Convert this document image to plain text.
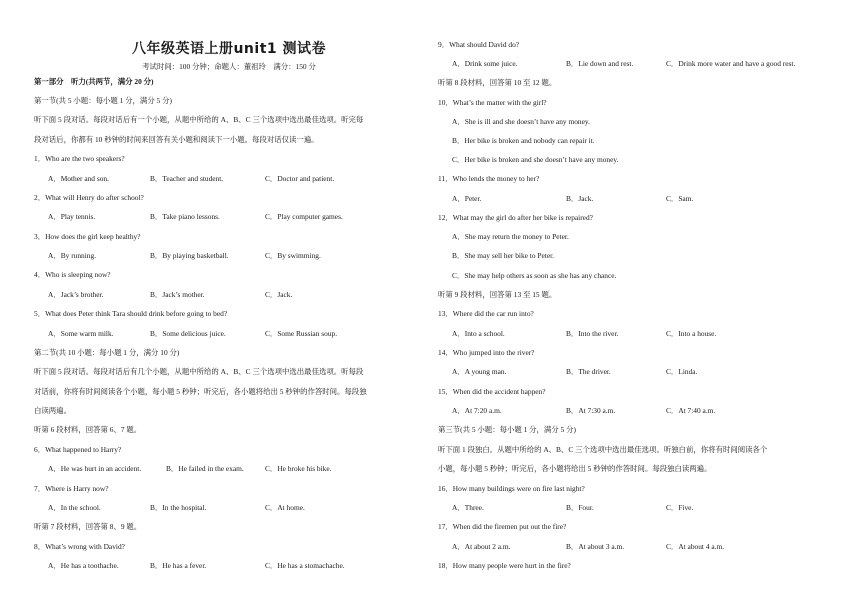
八年级英语上册unit1 测试卷
考试时间：100 分钟；命题人：董祖玲　满分：150 分
第一部分　听力(共两节，满分 20 分)
第一节(共 5 小题：每小题 1 分，满分 5 分)
听下面 5 段对话。每段对话后有一个小题，从题中所给的 A、B、C 三个选项中选出最佳选项。听完每
段对话后，你都有 10 秒钟的时间来回答有关小题和阅读下一小题。每段对话仅读一遍。
1．Who are the two speakers?
A．Mother and son.	B．Teacher and student.	C．Doctor and patient.
2．What will Henry do after school?
A．Play tennis.	B．Take piano lessons.	C．Play computer games.
3．How does the girl keep healthy?
A．By running.	B．By playing basketball.	C．By swimming.
4．Who is sleeping now?
A．Jack’s brother.	B．Jack’s mother.	C．Jack.
5．What does Peter think Tara should drink before going to bed?
A．Some warm milk.	B．Some delicious juice.	C．Some Russian soup.
第二节(共 10 小题：每小题 1 分，满分 10 分)
听下面 5 段对话。每段对话后有几个小题，从题中所给的 A、B、C 三个选项中选出最佳选项。听每段
对话前，你将有时间阅读各个小题，每小题 5 秒钟；听完后，各小题将给出 5 秒钟的作答时间。每段独
白读两遍。
听第 6 段材料，回答第 6、7 题。
6．What happened to Harry?
A．He was hurt in an accident.	B．He failed in the exam.	C．He broke his bike.
7．Where is Harry now?
A．In the school.	B．In the hospital.	C．At home.
听第 7 段材料，回答第 8、9 题。
8．What’s wrong with David?
A．He has a toothache.	B．He has a fever.	C．He has a stomachache.
9．What should David do?
A．Drink some juice.	B．Lie down and rest.	C．Drink more water and have a good rest.
听第 8 段材料，回答第 10 至 12 题。
10．What’s the matter with the girl?
A．She is ill and she doesn’t have any money.
B．Her bike is broken and nobody can repair it.
C．Her bike is broken and she doesn’t have any money.
11．Who lends the money to her?
A．Peter.	B．Jack.	C．Sam.
12．What may the girl do after her bike is repaired?
A．She may return the money to Peter.
B．She may sell her bike to Peter.
C．She may help others as soon as she has any chance.
听第 9 段材料，回答第 13 至 15 题。
13．Where did the car run into?
A．Into a school.	B．Into the river.	C．Into a house.
14．Who jumped into the river?
A．A young man.	B．The driver.	C．Linda.
15．When did the accident happen?
A．At 7:20 a.m.	B．At 7:30 a.m.	C．At 7:40 a.m.
第三节(共 5 小题：每小题 1 分，满分 5 分)
听下面 1 段独白。从题中所给的 A、B、C 三个选项中选出最佳选项。听独白前，你将有时间阅读各个
小题，每小题 5 秒钟；听完后，各小题将给出 5 秒钟的作答时间。每段独白读两遍。
16．How many buildings were on fire last night?
A．Three.	B．Four.	C．Five.
17．When did the firemen put out the fire?
A．At about 2 a.m.	B．At about 3 a.m.	C．At about 4 a.m.
18．How many people were hurt in the fire?
